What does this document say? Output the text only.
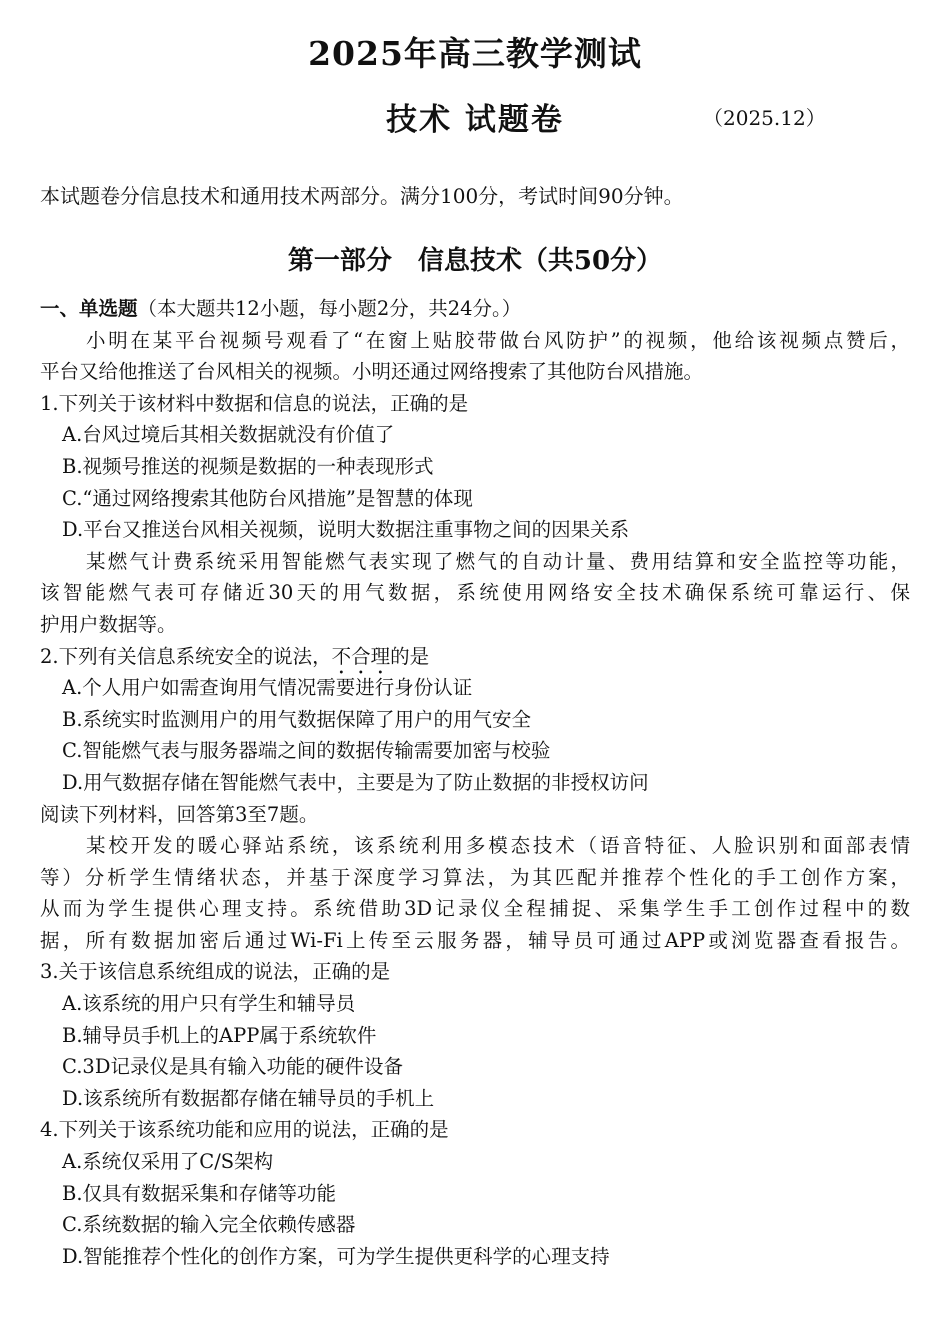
2025年高三教学测试
技术 试题卷	（2025.12）
本试题卷分信息技术和通用技术两部分。满分100分，考试时间90分钟。
第一部分　信息技术（共50分）
一、单选题（本大题共12小题，每小题2分，共24分。）
小明在某平台视频号观看了“在窗上贴胶带做台风防护”的视频，他给该视频点赞后，
平台又给他推送了台风相关的视频。小明还通过网络搜索了其他防台风措施。
1.下列关于该材料中数据和信息的说法，正确的是
A.台风过境后其相关数据就没有价值了
B.视频号推送的视频是数据的一种表现形式
C.“通过网络搜索其他防台风措施”是智慧的体现
D.平台又推送台风相关视频，说明大数据注重事物之间的因果关系
某燃气计费系统采用智能燃气表实现了燃气的自动计量、费用结算和安全监控等功能，
该智能燃气表可存储近30天的用气数据，系统使用网络安全技术确保系统可靠运行、保
护用户数据等。
2.下列有关信息系统安全的说法，不合理的是
A.个人用户如需查询用气情况需要进行身份认证
B.系统实时监测用户的用气数据保障了用户的用气安全
C.智能燃气表与服务器端之间的数据传输需要加密与校验
D.用气数据存储在智能燃气表中，主要是为了防止数据的非授权访问
阅读下列材料，回答第3至7题。
某校开发的暖心驿站系统，该系统利用多模态技术（语音特征、人脸识别和面部表情
等）分析学生情绪状态，并基于深度学习算法，为其匹配并推荐个性化的手工创作方案，
从而为学生提供心理支持。系统借助3D记录仪全程捕捉、采集学生手工创作过程中的数
据，所有数据加密后通过Wi-Fi上传至云服务器，辅导员可通过APP或浏览器查看报告。
3.关于该信息系统组成的说法，正确的是
A.该系统的用户只有学生和辅导员
B.辅导员手机上的APP属于系统软件
C.3D记录仪是具有输入功能的硬件设备
D.该系统所有数据都存储在辅导员的手机上
4.下列关于该系统功能和应用的说法，正确的是
A.系统仅采用了C/S架构
B.仅具有数据采集和存储等功能
C.系统数据的输入完全依赖传感器
D.智能推荐个性化的创作方案，可为学生提供更科学的心理支持
